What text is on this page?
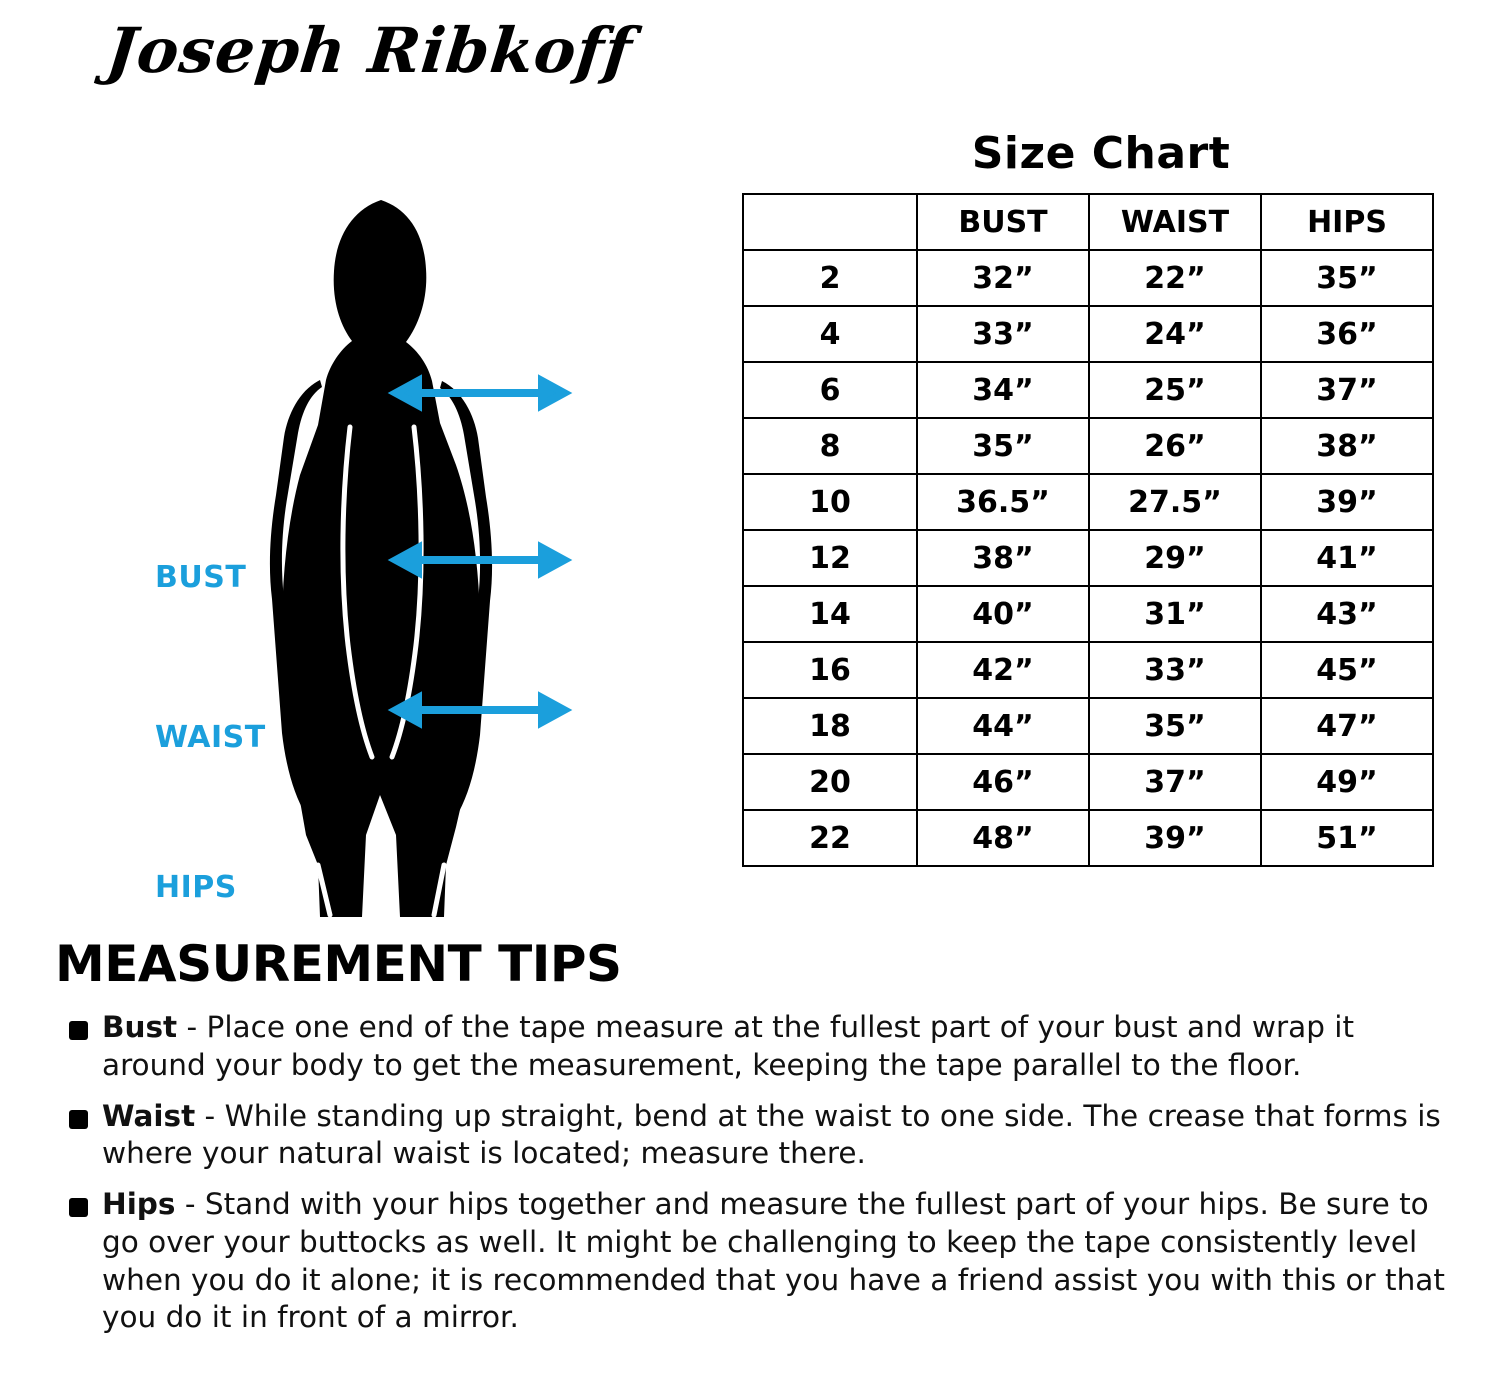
Joseph Ribkoff
BUST
WAIST
HIPS
Size Chart
	BUST	WAIST	HIPS
2	32”	22”	35”
4	33”	24”	36”
6	34”	25”	37”
8	35”	26”	38”
10	36.5”	27.5”	39”
12	38”	29”	41”
14	40”	31”	43”
16	42”	33”	45”
18	44”	35”	47”
20	46”	37”	49”
22	48”	39”	51”
MEASUREMENT TIPS
Bust - Place one end of the tape measure at the fullest part of your bust and wrap it around your body to get the measurement, keeping the tape parallel to the floor.
Waist - While standing up straight, bend at the waist to one side. The crease that forms is where your natural waist is located; measure there.
Hips - Stand with your hips together and measure the fullest part of your hips. Be sure to go over your buttocks as well. It might be challenging to keep the tape consistently level when you do it alone; it is recommended that you have a friend assist you with this or that you do it in front of a mirror.
